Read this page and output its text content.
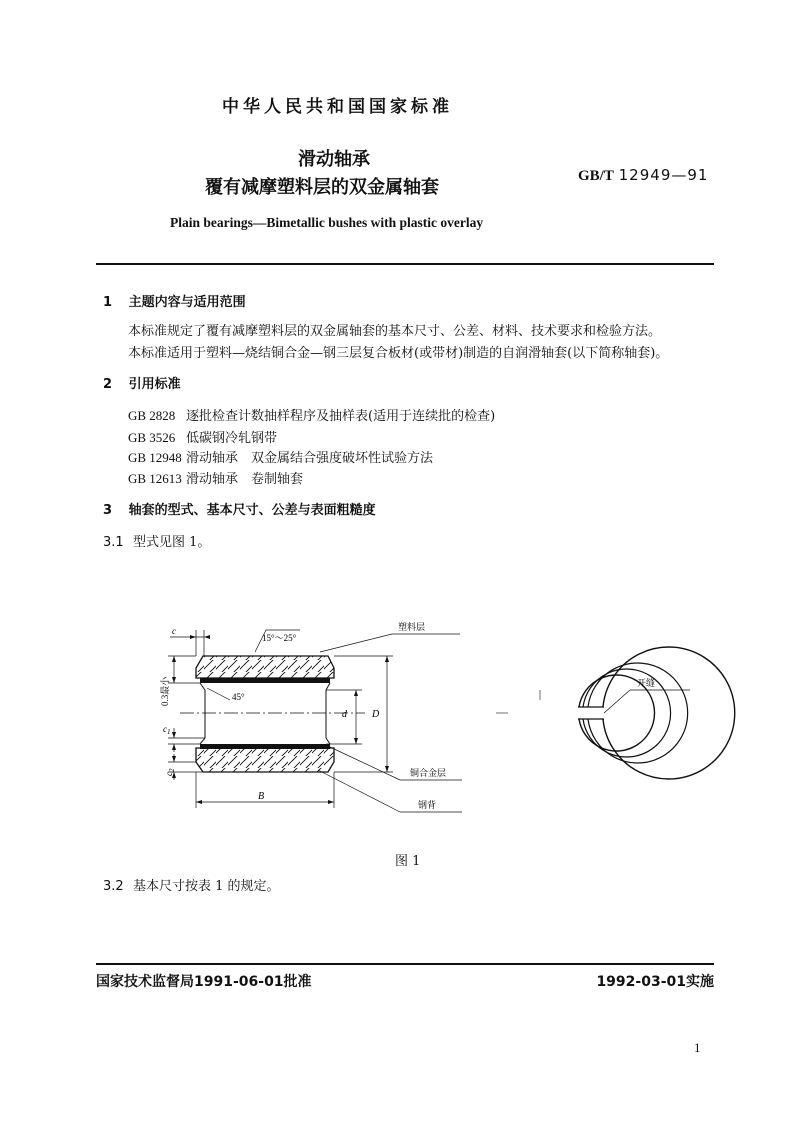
中华人民共和国国家标准
滑动轴承
覆有减摩塑料层的双金属轴套
GB/T 12949—91
Plain bearings—Bimetallic bushes with plastic overlay
1 主题内容与适用范围
本标准规定了覆有减摩塑料层的双金属轴套的基本尺寸、公差、材料、技术要求和检验方法。
本标准适用于塑料—烧结铜合金—钢三层复合板材(或带材)制造的自润滑轴套(以下简称轴套)。
2 引用标准
GB 2828 逐批检查计数抽样程序及抽样表(适用于连续批的检查)
GB 3526 低碳钢冷轧钢带
GB 12948 滑动轴承　双金属结合强度破坏性试验方法
GB 12613 滑动轴承　卷制轴套
3 轴套的型式、基本尺寸、公差与表面粗糙度
3.1 型式见图 1。
塑料层
15°～25°
c
45°
D
d
0.3最小
$c_1$
$c_2$
B
铜合金层
钢背
开缝
图 1
3.2 基本尺寸按表 1 的规定。
国家技术监督局1991-06-01批准	1992-03-01实施
1
